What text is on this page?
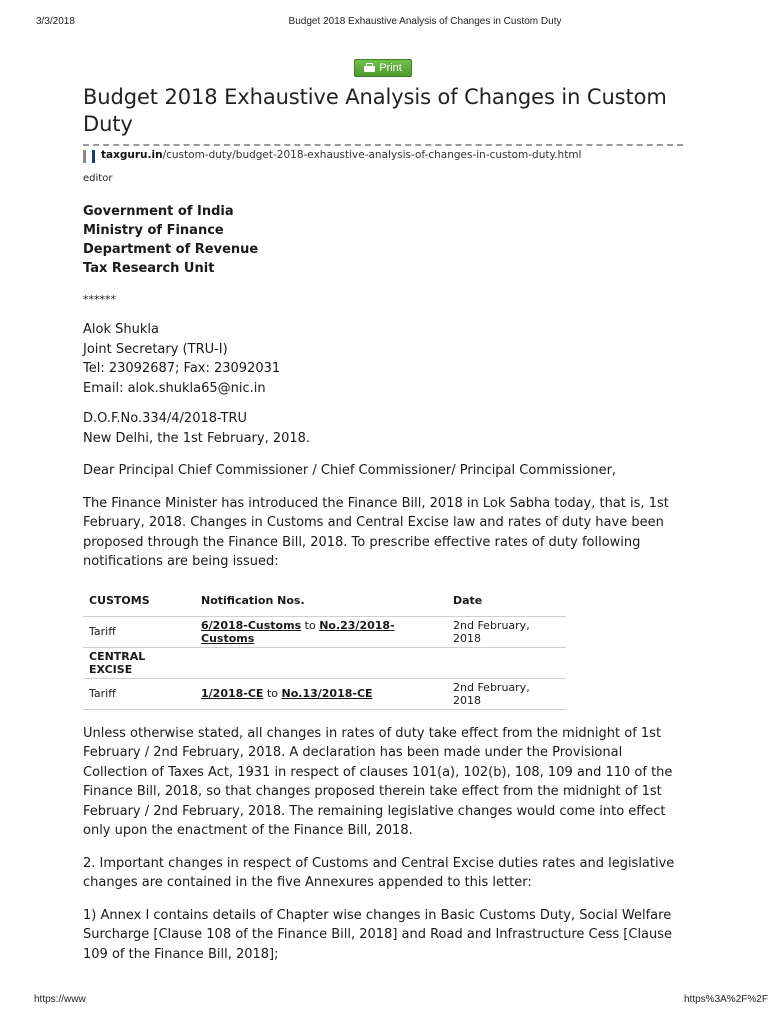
3/3/2018	Budget 2018 Exhaustive Analysis of Changes in Custom Duty
Print
Budget 2018 Exhaustive Analysis of Changes in Custom Duty
taxguru.in/custom-duty/budget-2018-exhaustive-analysis-of-changes-in-custom-duty.html
editor
Government of India
Ministry of Finance
Department of Revenue
Tax Research Unit
******

Alok Shukla

Joint Secretary (TRU-I)

Tel: 23092687; Fax: 23092031

Email: alok.shukla65@nic.in

D.O.F.No.334/4/2018-TRU

New Delhi, the 1st February, 2018.

Dear Principal Chief Commissioner / Chief Commissioner/ Principal Commissioner,

The Finance Minister has introduced the Finance Bill, 2018 in Lok Sabha today, that is, 1st February, 2018. Changes in Customs and Central Excise law and rates of duty have been proposed through the Finance Bill, 2018. To prescribe effective rates of duty following notifications are being issued:

CUSTOMS	Notification Nos.	Date
Tariff	6/2018-Customs to No.23/2018-Customs	2nd February, 2018
CENTRAL EXCISE		
Tariff	1/2018-CE to No.13/2018-CE	2nd February, 2018

Unless otherwise stated, all changes in rates of duty take effect from the midnight of 1st February / 2nd February, 2018. A declaration has been made under the Provisional Collection of Taxes Act, 1931 in respect of clauses 101(a), 102(b), 108, 109 and 110 of the Finance Bill, 2018, so that changes proposed therein take effect from the midnight of 1st February / 2nd February, 2018. The remaining legislative changes would come into effect only upon the enactment of the Finance Bill, 2018.

2. Important changes in respect of Customs and Central Excise duties rates and legislative changes are contained in the five Annexures appended to this letter:

1) Annex I contains details of Chapter wise changes in Basic Customs Duty, Social Welfare Surcharge [Clause 108 of the Finance Bill, 2018] and Road and Infrastructure Cess [Clause 109 of the Finance Bill, 2018];

https://www	https%3A%2F%2F
